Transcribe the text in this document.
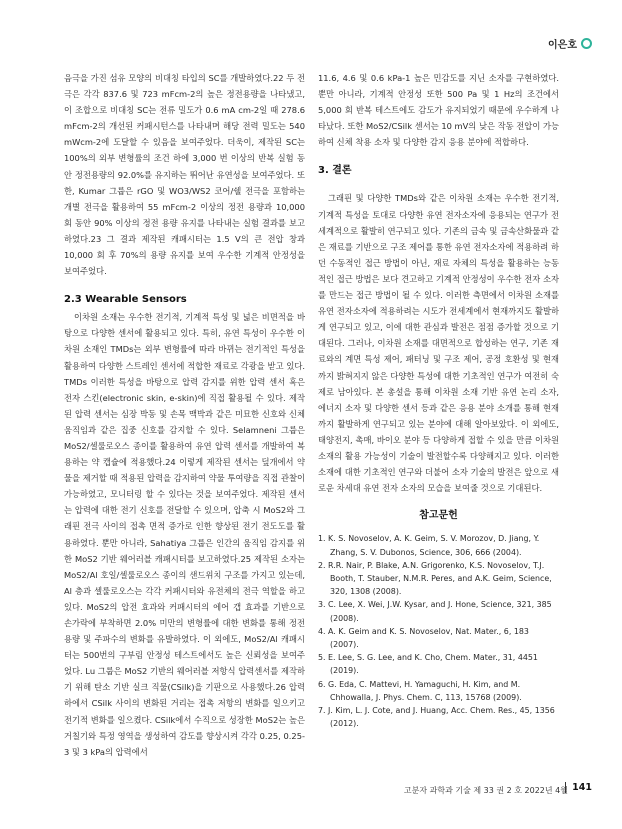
이은호

음극을 가진 섬유 모양의 비대칭 타입의 SC를 개발하였다.22 두 전극은 각각 837.6 및 723 mFcm-2의 높은 정전용량을 나타냈고, 이 조합으로 비대칭 SC는 전류 밀도가 0.6 mA cm-2일 때 278.6 mFcm-2의 개선된 커패시턴스를 나타내며 해당 전력 밀도는 540 mWcm-2에 도달할 수 있음을 보여주었다. 더욱이, 제작된 SC는 100%의 외부 변형률의 조건 하에 3,000 번 이상의 반복 실험 동안 정전용량의 92.0%를 유지하는 뛰어난 유연성을 보여주었다. 또한, Kumar 그룹은 rGO 및 WO3/WS2 코어/쉘 전극을 포함하는 개별 전극을 활용하여 55 mFcm-2 이상의 정전 용량과 10,000 회 동안 90% 이상의 정전 용량 유지를 나타내는 실험 결과를 보고하였다.23 그 결과 제작된 캐패시터는 1.5 V의 큰 전압 창과 10,000 회 후 70%의 용량 유지를 보여 우수한 기계적 안정성을 보여주었다.

2.3 Wearable Sensors

이차원 소재는 우수한 전기적, 기계적 특성 및 넓은 비면적을 바탕으로 다양한 센서에 활용되고 있다. 특히, 유연 특성이 우수한 이차원 소재인 TMDs는 외부 변형률에 따라 바뀌는 전기적인 특성을 활용하여 다양한 스트레인 센서에 적합한 재료로 각광을 받고 있다. TMDs 이러한 특성을 바탕으로 압력 감지를 위한 압력 센서 혹은 전자 스킨(electronic skin, e-skin)에 직접 활용될 수 있다. 제작된 압력 센서는 심장 박동 및 손목 맥박과 같은 미묘한 신호와 신체 움직임과 같은 집중 신호를 감지할 수 있다. Selamneni 그룹은 MoS2/셀룰로오스 종이를 활용하여 유연 압력 센서를 개발하여 복용하는 약 캡슐에 적용했다.24 이렇게 제작된 센서는 덮개에서 약물을 제거할 때 적용된 압력을 감지하여 약물 투여량을 직접 관찰이 가능하였고, 모니터링 할 수 있다는 것을 보여주었다. 제작된 센서는 압력에 대한 전기 신호를 전달할 수 있으며, 압축 시 MoS2와 그래핀 전극 사이의 접촉 면적 증가로 인한 향상된 전기 전도도를 활용하였다. 뿐만 아니라, Sahatiya 그룹은 인간의 움직임 감지를 위한 MoS2 기반 웨어러블 캐패시터를 보고하였다.25 제작된 소자는 MoS2/Al 호일/셀룰로오스 종이의 샌드위치 구조를 가지고 있는데, Al 층과 셀룰로오스는 각각 커패시터와 유전체의 전극 역할을 하고 있다. MoS2의 압전 효과와 커패시터의 에어 갭 효과를 기반으로 손가락에 부착하면 2.0% 미만의 변형률에 대한 변화를 통해 정전 용량 및 주파수의 변화를 유발하였다. 이 외에도, MoS2/Al 캐패시터는 500번의 구부림 안정성 테스트에서도 높은 신뢰성을 보여주었다. Lu 그룹은 MoS2 기반의 웨어러블 저항식 압력센서를 제작하기 위해 탄소 기반 실크 직물(CSilk)을 기판으로 사용했다.26 압력 하에서 CSilk 사이의 변화된 거리는 접촉 저항의 변화를 일으키고 전기적 변화를 일으켰다. CSilk에서 수직으로 성장한 MoS2는 높은 거칠기와 특정 영역을 생성하여 감도를 향상시켜 각각 0.25, 0.25-3 및 3 kPa의 압력에서

11.6, 4.6 및 0.6 kPa-1 높은 민감도를 지닌 소자를 구현하였다. 뿐만 아니라, 기계적 안정성 또한 500 Pa 및 1 Hz의 조건에서 5,000 회 반복 테스트에도 감도가 유지되었기 때문에 우수하게 나타났다. 또한 MoS2/CSilk 센서는 10 mV의 낮은 작동 전압이 가능하여 신체 착용 소자 및 다양한 감지 응용 분야에 적합하다.

3. 결론

그래핀 및 다양한 TMDs와 같은 이차원 소재는 우수한 전기적, 기계적 특성을 토대로 다양한 유연 전자소자에 응용되는 연구가 전세계적으로 활발히 연구되고 있다. 기존의 금속 및 금속산화물과 같은 재료를 기반으로 구조 제어를 통한 유연 전자소자에 적용하려 하던 수동적인 접근 방법이 아닌, 재료 자체의 특성을 활용하는 능동적인 접근 방법은 보다 견고하고 기계적 안정성이 우수한 전자 소자를 만드는 접근 방법이 될 수 있다. 이러한 측면에서 이차원 소재를 유연 전자소자에 적용하려는 시도가 전세계에서 현재까지도 활발하게 연구되고 있고, 이에 대한 관심과 발전은 점점 증가할 것으로 기대된다. 그러나, 이차원 소재를 대면적으로 합성하는 연구, 기존 재료와의 계면 특성 제어, 패터닝 및 구조 제어, 공정 호환성 및 현재까지 밝혀지지 않은 다양한 특성에 대한 기초적인 연구가 여전히 숙제로 남아있다. 본 총설을 통해 이차원 소재 기반 유연 논리 소자, 에너지 소자 및 다양한 센서 등과 같은 응용 분야 소개를 통해 현재까지 활발하게 연구되고 있는 분야에 대해 알아보았다. 이 외에도, 태양전지, 촉매, 바이오 분야 등 다양하게 접할 수 있을 만큼 이차원 소재의 활용 가능성이 기술이 발전할수록 다양해지고 있다. 이러한 소재에 대한 기초적인 연구와 더불어 소자 기술의 발전은 앞으로 새로운 차세대 유연 전자 소자의 모습을 보여줄 것으로 기대된다.

참고문헌
1. K. S. Novoselov, A. K. Geim, S. V. Morozov, D. Jiang, Y. Zhang, S. V. Dubonos, Science, 306, 666 (2004).
2. R.R. Nair, P. Blake, A.N. Grigorenko, K.S. Novoselov, T.J. Booth, T. Stauber, N.M.R. Peres, and A.K. Geim, Science, 320, 1308 (2008).
3. C. Lee, X. Wei, J.W. Kysar, and J. Hone, Science, 321, 385 (2008).
4. A. K. Geim and K. S. Novoselov, Nat. Mater., 6, 183 (2007).
5. E. Lee, S. G. Lee, and K. Cho, Chem. Mater., 31, 4451 (2019).
6. G. Eda, C. Mattevi, H. Yamaguchi, H. Kim, and M. Chhowalla, J. Phys. Chem. C, 113, 15768 (2009).
7. J. Kim, L. J. Cote, and J. Huang, Acc. Chem. Res., 45, 1356 (2012).
고분자 과학과 기술 제 33 권 2 호 2022년 4월 141
